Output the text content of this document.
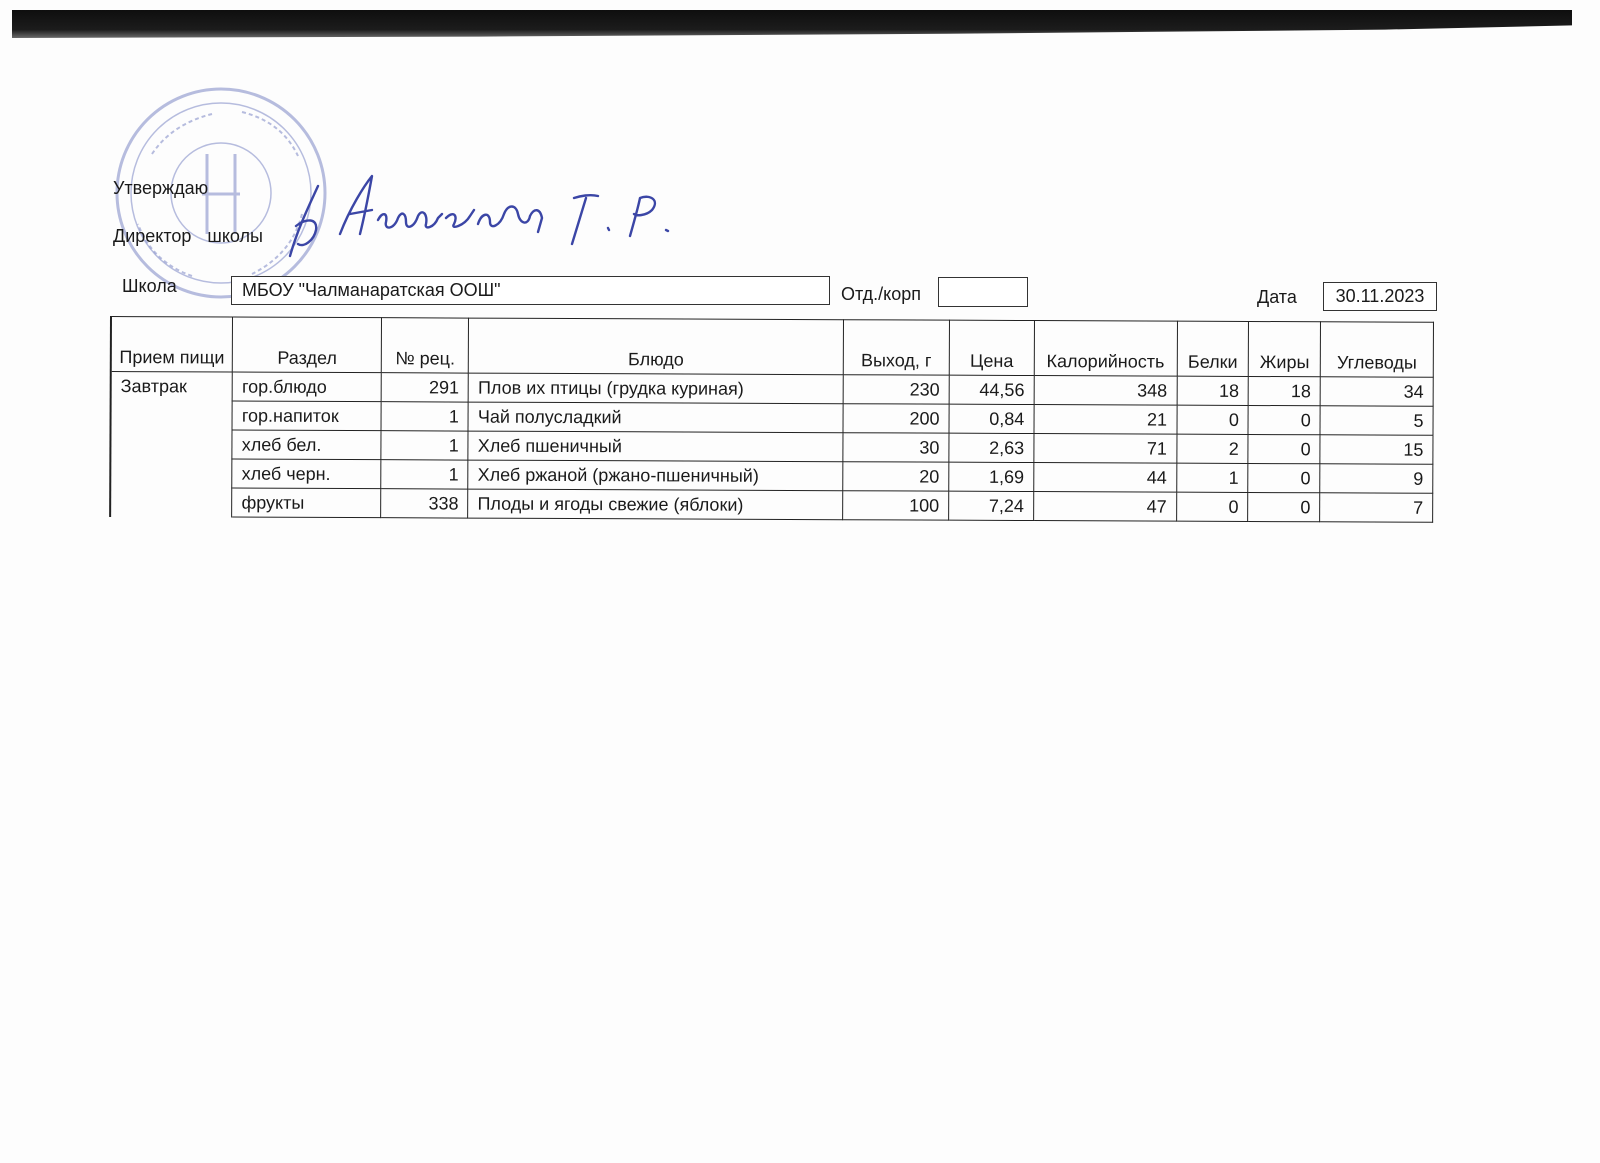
Утверждаю
Директор  школы
Школа	МБОУ "Чалманаратская ООШ"	Отд./корп	Дата	30.11.2023
Прием пищи	Раздел	№ рец.	Блюдо	Выход, г	Цена	Калорийность	Белки	Жиры	Углеводы
Завтрак	гор.блюдо	291	Плов их птицы (грудка куриная)	230	44,56	348	18	18	34
	гор.напиток	1	Чай полусладкий	200	0,84	21	0	0	5
	хлеб бел.	1	Хлеб пшеничный	30	2,63	71	2	0	15
	хлеб черн.	1	Хлеб ржаной (ржано-пшеничный)	20	1,69	44	1	0	9
	фрукты	338	Плоды и ягоды свежие (яблоки)	100	7,24	47	0	0	7
